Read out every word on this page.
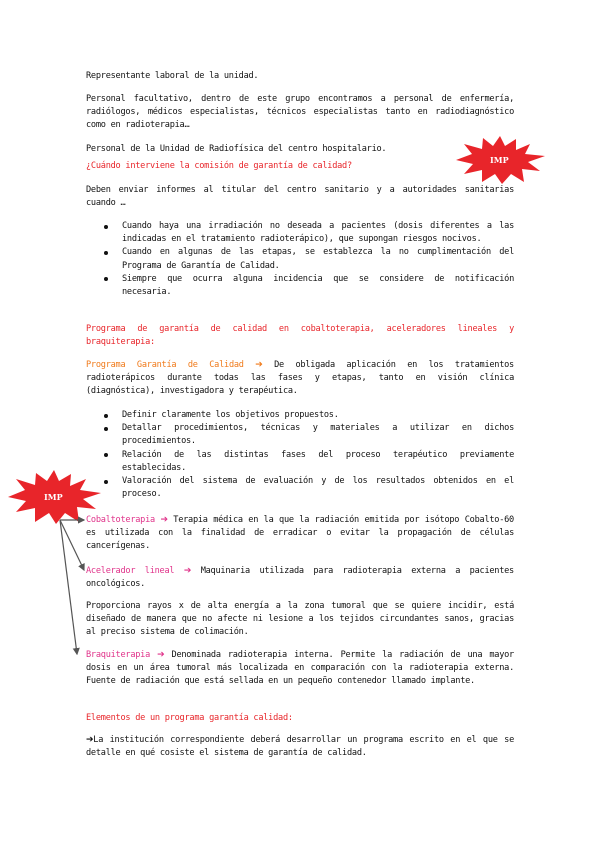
Representante laboral de la unidad.

Personal facultativo, dentro de este grupo encontramos a personal de enfermería, radiólogos, médicos especialistas, técnicos especialistas tanto en radiodiagnóstico como en radioterapia…

Personal de la Unidad de Radiofísica del centro hospitalario.

IMP

¿Cuándo interviene la comisión de garantía de calidad?

Deben enviar informes al titular del centro sanitario y a autoridades sanitarias cuando …

Cuando haya una irradiación no deseada a pacientes (dosis diferentes a las indicadas en el tratamiento radioterápico), que supongan riesgos nocivos.
Cuando en algunas de las etapas, se establezca la no cumplimentación del Programa de Garantía de Calidad.
Siempre que ocurra alguna incidencia que se considere de notificación necesaria.

Programa de garantía de calidad en cobaltoterapia, aceleradores lineales y braquiterapia:

Programa Garantía de Calidad ➔ De obligada aplicación en los tratamientos radioterápicos durante todas las fases y etapas, tanto en visión clínica (diagnóstica), investigadora y terapéutica.

Definir claramente los objetivos propuestos.
Detallar procedimientos, técnicas y materiales a utilizar en dichos procedimientos.
Relación de las distintas fases del proceso terapéutico previamente establecidas.
Valoración del sistema de evaluación y de los resultados obtenidos en el proceso.
IMP

Cobaltoterapia ➔ Terapia médica en la que la radiación emitida por isótopo Cobalto-60 es utilizada con la finalidad de erradicar o evitar la propagación de células cancerígenas.

Acelerador lineal ➔ Maquinaria utilizada para radioterapia externa a pacientes oncológicos.

Proporciona rayos x de alta energía a la zona tumoral que se quiere incidir, está diseñado de manera que no afecte ni lesione a los tejidos circundantes sanos, gracias al preciso sistema de colimación.

Braquiterapia ➔ Denominada radioterapia interna. Permite la radiación de una mayor dosis en un área tumoral más localizada en comparación con la radioterapia externa. Fuente de radiación que está sellada en un pequeño contenedor llamado implante.

Elementos de un programa garantía calidad:

➔La institución correspondiente deberá desarrollar un programa escrito en el que se detalle en qué cosiste el sistema de garantía de calidad.
